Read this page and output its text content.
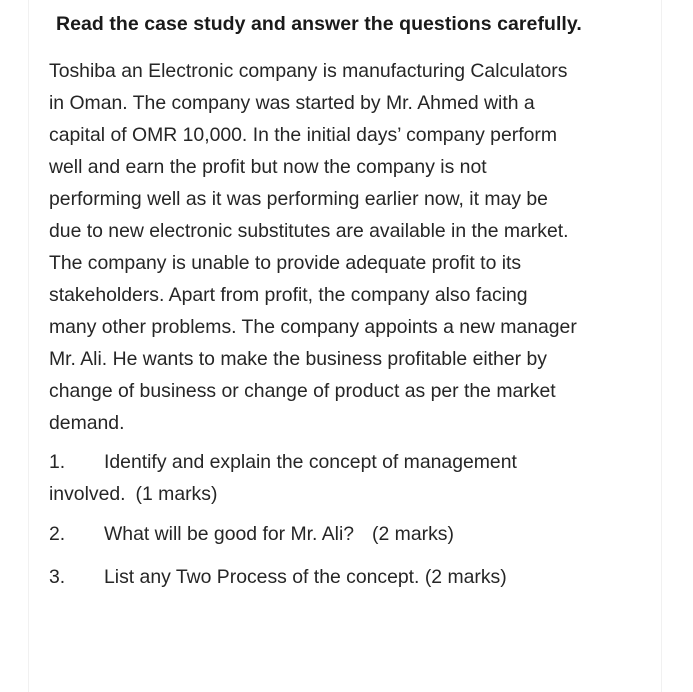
Read the case study and answer the questions carefully.

Toshiba an Electronic company is manufacturing Calculators
in Oman. The company was started by Mr. Ahmed with a
capital of OMR 10,000. In the initial days’ company perform
well and earn the profit but now the company is not
performing well as it was performing earlier now, it may be
due to new electronic substitutes are available in the market.
The company is unable to provide adequate profit to its
stakeholders. Apart from profit, the company also facing
many other problems. The company appoints a new manager
Mr. Ali. He wants to make the business profitable either by
change of business or change of product as per the market
demand.

1. Identify and explain the concept of management
involved. (1 marks)
2. What will be good for Mr. Ali? (2 marks)
3. List any Two Process of the concept. (2 marks)
